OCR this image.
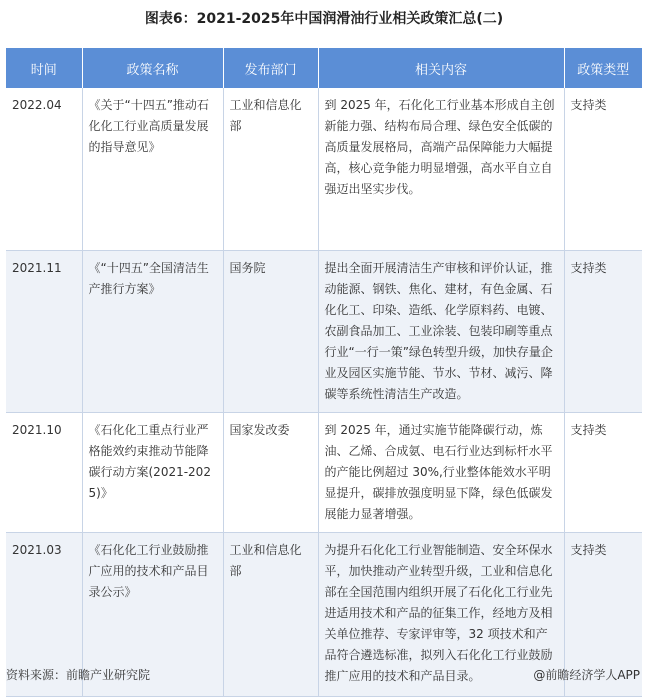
图表6：2021-2025年中国润滑油行业相关政策汇总(二)
时间	政策名称	发布部门	相关内容	政策类型
2022.04	《关于“十四五”推动石化化工行业高质量发展的指导意见》	工业和信息化部	到 2025 年，石化化工行业基本形成自主创新能力强、结构布局合理、绿色安全低碳的高质量发展格局，高端产品保障能力大幅提高，核心竞争能力明显增强，高水平自立自强迈出坚实步伐。	支持类
2021.11	《“十四五”全国清洁生产推行方案》	国务院	提出全面开展清洁生产审核和评价认证，推动能源、钢铁、焦化、建材，有色金属、石化化工、印染、造纸、化学原料药、电镀、农副食品加工、工业涂装、包装印刷等重点行业“一行一策”绿色转型升级，加快存量企业及园区实施节能、节水、节材、减污、降碳等系统性清洁生产改造。	支持类
2021.10	《石化化工重点行业严格能效约束推动节能降碳行动方案(2021-2025)》	国家发改委	到 2025 年，通过实施节能降碳行动，炼油、乙烯、合成氨、电石行业达到标杆水平的产能比例超过 30%,行业整体能效水平明显提升，碳排放强度明显下降，绿色低碳发展能力显著增强。	支持类
2021.03	《石化化工行业鼓励推广应用的技术和产品目录公示》	工业和信息化部	为提升石化化工行业智能制造、安全环保水平，加快推动产业转型升级，工业和信息化部在全国范围内组织开展了石化化工行业先进适用技术和产品的征集工作，经地方及相关单位推荐、专家评审等，32 项技术和产品符合遴选标准，拟列入石化化工行业鼓励推广应用的技术和产品目录。	支持类
资料来源：前瞻产业研究院	@前瞻经济学人APP
